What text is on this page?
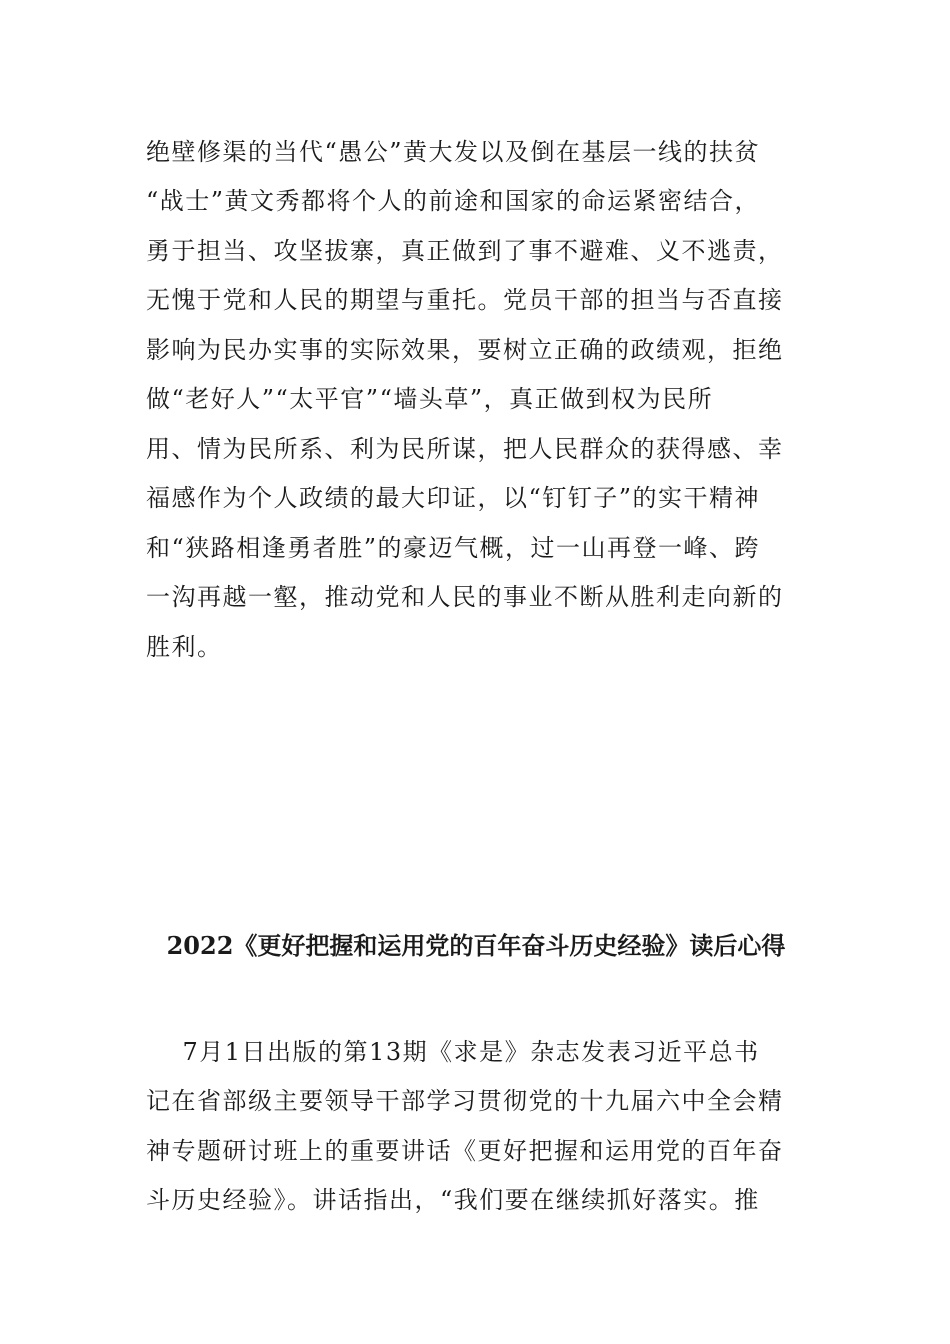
绝壁修渠的当代“愚公”黄大发以及倒在基层一线的扶贫
“战士”黄文秀都将个人的前途和国家的命运紧密结合，
勇于担当、攻坚拔寨，真正做到了事不避难、义不逃责，
无愧于党和人民的期望与重托。党员干部的担当与否直接
影响为民办实事的实际效果，要树立正确的政绩观，拒绝
做“老好人”“太平官”“墙头草”，真正做到权为民所
用、情为民所系、利为民所谋，把人民群众的获得感、幸
福感作为个人政绩的最大印证，以“钉钉子”的实干精神
和“狭路相逢勇者胜”的豪迈气概，过一山再登一峰、跨
一沟再越一壑，推动党和人民的事业不断从胜利走向新的
胜利。
2022《更好把握和运用党的百年奋斗历史经验》读后心得
7月1日出版的第13期《求是》杂志发表习近平总书
记在省部级主要领导干部学习贯彻党的十九届六中全会精
神专题研讨班上的重要讲话《更好把握和运用党的百年奋
斗历史经验》。讲话指出，“我们要在继续抓好落实。推
